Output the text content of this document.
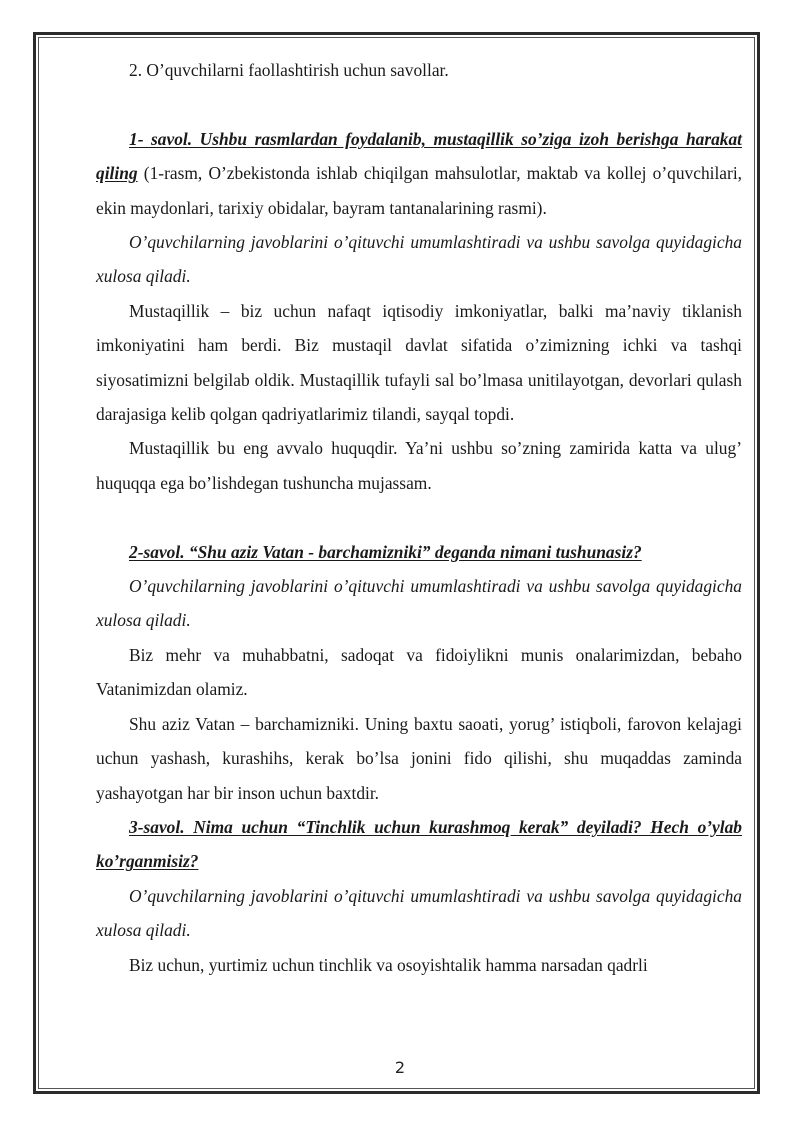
2. O’quvchilarni faollashtirish uchun savollar.

1- savol. Ushbu rasmlardan foydalanib, mustaqillik so’ziga izoh berishga harakat qiling (1-rasm, O’zbekistonda ishlab chiqilgan mahsulotlar, maktab va kollej o’quvchilari, ekin maydonlari, tarixiy obidalar, bayram tantanalarining rasmi).

O’quvchilarning javoblarini o’qituvchi umumlashtiradi va ushbu savolga quyidagicha xulosa qiladi.

Mustaqillik – biz uchun nafaqt iqtisodiy imkoniyatlar, balki ma’naviy tiklanish imkoniyatini ham berdi. Biz mustaqil davlat sifatida o’zimizning ichki va tashqi siyosatimizni belgilab oldik. Mustaqillik tufayli sal bo’lmasa unitilayotgan, devorlari qulash darajasiga kelib qolgan qadriyatlarimiz tilandi, sayqal topdi.

Mustaqillik bu eng avvalo huquqdir. Ya’ni ushbu so’zning zamirida katta va ulug’ huquqqa ega bo’lishdegan tushuncha mujassam.

2-savol. “Shu aziz Vatan - barchamizniki” deganda nimani tushunasiz?

O’quvchilarning javoblarini o’qituvchi umumlashtiradi va ushbu savolga quyidagicha xulosa qiladi.

Biz mehr va muhabbatni, sadoqat va fidoiylikni munis onalarimizdan, bebaho Vatanimizdan olamiz.

Shu aziz Vatan – barchamizniki. Uning baxtu saoati, yorug’ istiqboli, farovon kelajagi uchun yashash, kurashihs, kerak bo’lsa jonini fido qilishi, shu muqaddas zaminda yashayotgan har bir inson uchun baxtdir.

3-savol. Nima uchun “Tinchlik uchun kurashmoq kerak” deyiladi? Hech o’ylab ko’rganmisiz?

O’quvchilarning javoblarini o’qituvchi umumlashtiradi va ushbu savolga quyidagicha xulosa qiladi.

Biz uchun, yurtimiz uchun tinchlik va osoyishtalik hamma narsadan qadrli

2
